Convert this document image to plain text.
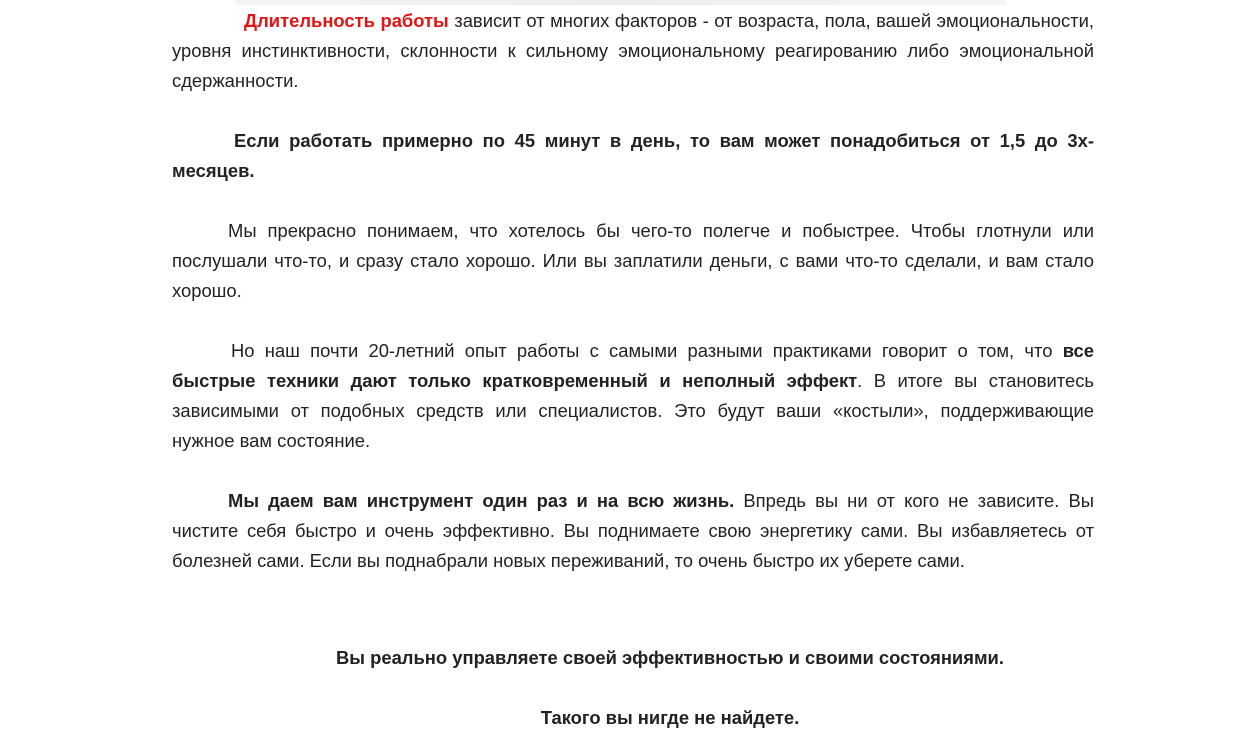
Длительность работы зависит от многих факторов - от возраста, пола, вашей эмоциональности, уровня инстинктивности, склонности к сильному эмоциональному реагированию либо эмоциональной сдержанности.

Если работать примерно по 45 минут в день, то вам может понадобиться от 1,5 до 3х-месяцев.

Мы прекрасно понимаем, что хотелось бы чего-то полегче и побыстрее. Чтобы глотнули или послушали что-то, и сразу стало хорошо. Или вы заплатили деньги, с вами что-то сделали, и вам стало хорошо.

Но наш почти 20-летний опыт работы с самыми разными практиками говорит о том, что все быстрые техники дают только кратковременный и неполный эффект. В итоге вы становитесь зависимыми от подобных средств или специалистов. Это будут ваши «костыли», поддерживающие нужное вам состояние.

Мы даем вам инструмент один раз и на всю жизнь. Впредь вы ни от кого не зависите. Вы чистите себя быстро и очень эффективно. Вы поднимаете свою энергетику сами. Вы избавляетесь от болезней сами. Если вы поднабрали новых переживаний, то очень быстро их уберете сами.

Вы реально управляете своей эффективностью и своими состояниями.

Такого вы нигде не найдете.
